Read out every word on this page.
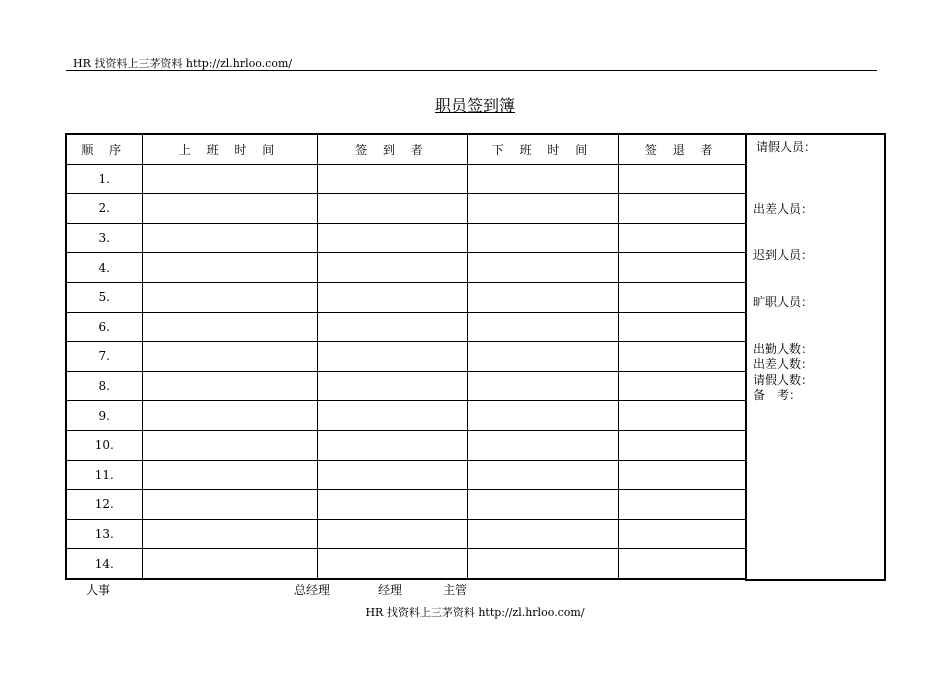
HR 找资料上三茅资料 http://zl.hrloo.com/
职员签到簿
顺 序	上 班 时 间	签 到 者	下 班 时 间	签 退 者
1.				
2.				
3.				
4.				
5.				
6.				
7.				
8.				
9.				
10.				
11.				
12.				
13.				
14.				
请假人员：
出差人员：
迟到人员：
旷职人员：
出勤人数：
出差人数：
请假人数：
备　考：
人事	总经理	经理	主管
HR 找资料上三茅资料 http://zl.hrloo.com/
